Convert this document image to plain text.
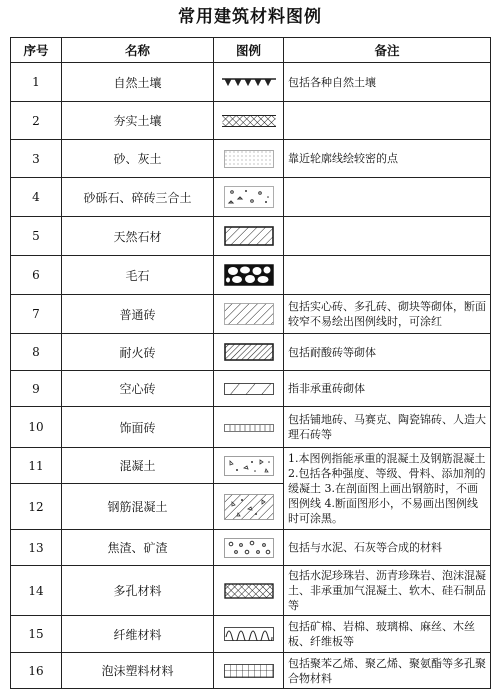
常用建筑材料图例
序号	名称	图例	备注
1	自然土壤		包括各种自然土壤
2	夯实土壤		
3	砂、灰土		靠近轮廓线绘较密的点
4	砂砾石、碎砖三合土		
5	天然石材		
6	毛石		
7	普通砖		包括实心砖、多孔砖、砌块等砌体，断面较窄不易绘出图例线时，可涂红
8	耐火砖		包括耐酸砖等砌体
9	空心砖		指非承重砖砌体
10	饰面砖		包括铺地砖、马赛克、陶瓷锦砖、人造大理石砖等
11	混凝土		1.本图例指能承重的混凝土及钢筋混凝土 2.包括各种强度、等级、骨料、添加剂的缓凝土 3.在剖面图上画出钢筋时，不画图例线 4.断面图形小，不易画出图例线时可涂黑。
12	钢筋混凝土	
13	焦渣、矿渣		包括与水泥、石灰等合成的材料
14	多孔材料		包括水泥珍珠岩、沥青珍珠岩、泡沫混凝土、非承重加气混凝土、软木、硅石制品等
15	纤维材料		包括矿棉、岩棉、玻璃棉、麻丝、木丝板、纤维板等
16	泡沫塑料材料		包括聚苯乙烯、聚乙烯、聚氨酯等多孔聚合物材料
